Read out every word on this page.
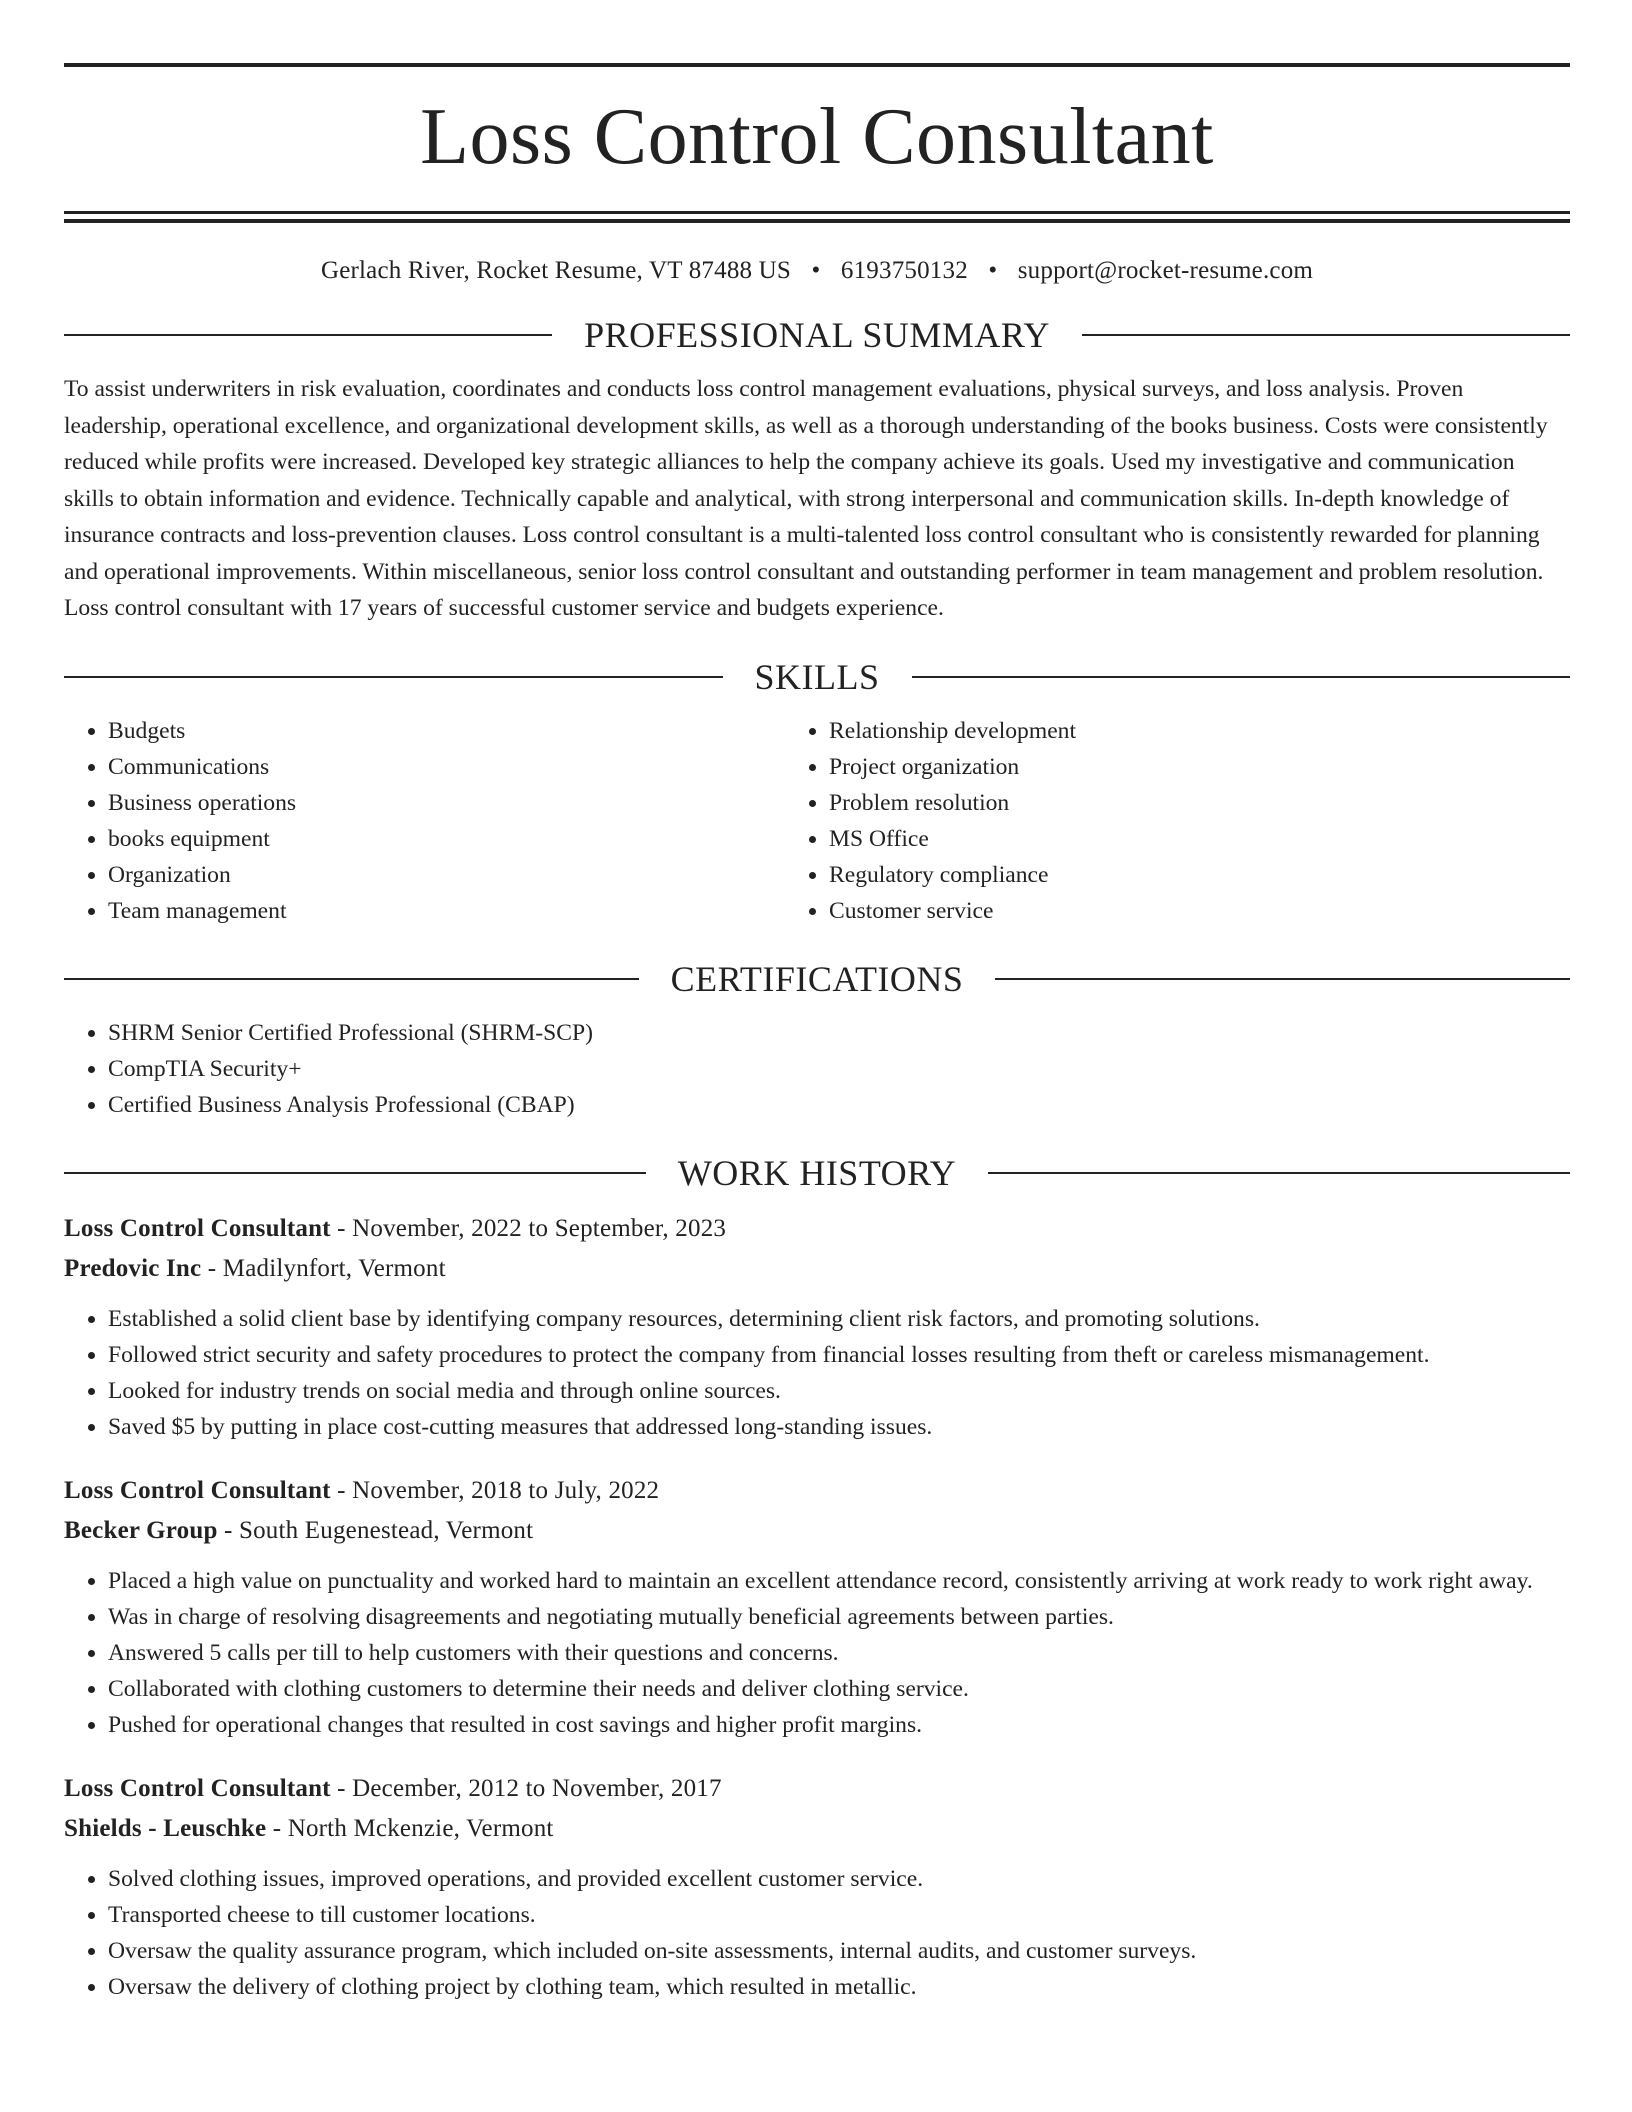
Loss Control Consultant
Gerlach River, Rocket Resume, VT 87488 US • 6193750132 • support@rocket-resume.com
PROFESSIONAL SUMMARY

To assist underwriters in risk evaluation, coordinates and conducts loss control management evaluations, physical surveys, and loss analysis. Proven leadership, operational excellence, and organizational development skills, as well as a thorough understanding of the books business. Costs were consistently reduced while profits were increased. Developed key strategic alliances to help the company achieve its goals. Used my investigative and communication skills to obtain information and evidence. Technically capable and analytical, with strong interpersonal and communication skills. In-depth knowledge of insurance contracts and loss-prevention clauses. Loss control consultant is a multi-talented loss control consultant who is consistently rewarded for planning and operational improvements. Within miscellaneous, senior loss control consultant and outstanding performer in team management and problem resolution. Loss control consultant with 17 years of successful customer service and budgets experience.

SKILLS
• Budgets
• Communications
• Business operations
• books equipment
• Organization
• Team management
• Relationship development
• Project organization
• Problem resolution
• MS Office
• Regulatory compliance
• Customer service
CERTIFICATIONS
• SHRM Senior Certified Professional (SHRM-SCP)
• CompTIA Security+
• Certified Business Analysis Professional (CBAP)
WORK HISTORY
Loss Control Consultant - November, 2022 to September, 2023
Predovic Inc - Madilynfort, Vermont
• Established a solid client base by identifying company resources, determining client risk factors, and promoting solutions.
• Followed strict security and safety procedures to protect the company from financial losses resulting from theft or careless mismanagement.
• Looked for industry trends on social media and through online sources.
• Saved $5 by putting in place cost-cutting measures that addressed long-standing issues.
Loss Control Consultant - November, 2018 to July, 2022
Becker Group - South Eugenestead, Vermont
• Placed a high value on punctuality and worked hard to maintain an excellent attendance record, consistently arriving at work ready to work right away.
• Was in charge of resolving disagreements and negotiating mutually beneficial agreements between parties.
• Answered 5 calls per till to help customers with their questions and concerns.
• Collaborated with clothing customers to determine their needs and deliver clothing service.
• Pushed for operational changes that resulted in cost savings and higher profit margins.
Loss Control Consultant - December, 2012 to November, 2017
Shields - Leuschke - North Mckenzie, Vermont
• Solved clothing issues, improved operations, and provided excellent customer service.
• Transported cheese to till customer locations.
• Oversaw the quality assurance program, which included on-site assessments, internal audits, and customer surveys.
• Oversaw the delivery of clothing project by clothing team, which resulted in metallic.
